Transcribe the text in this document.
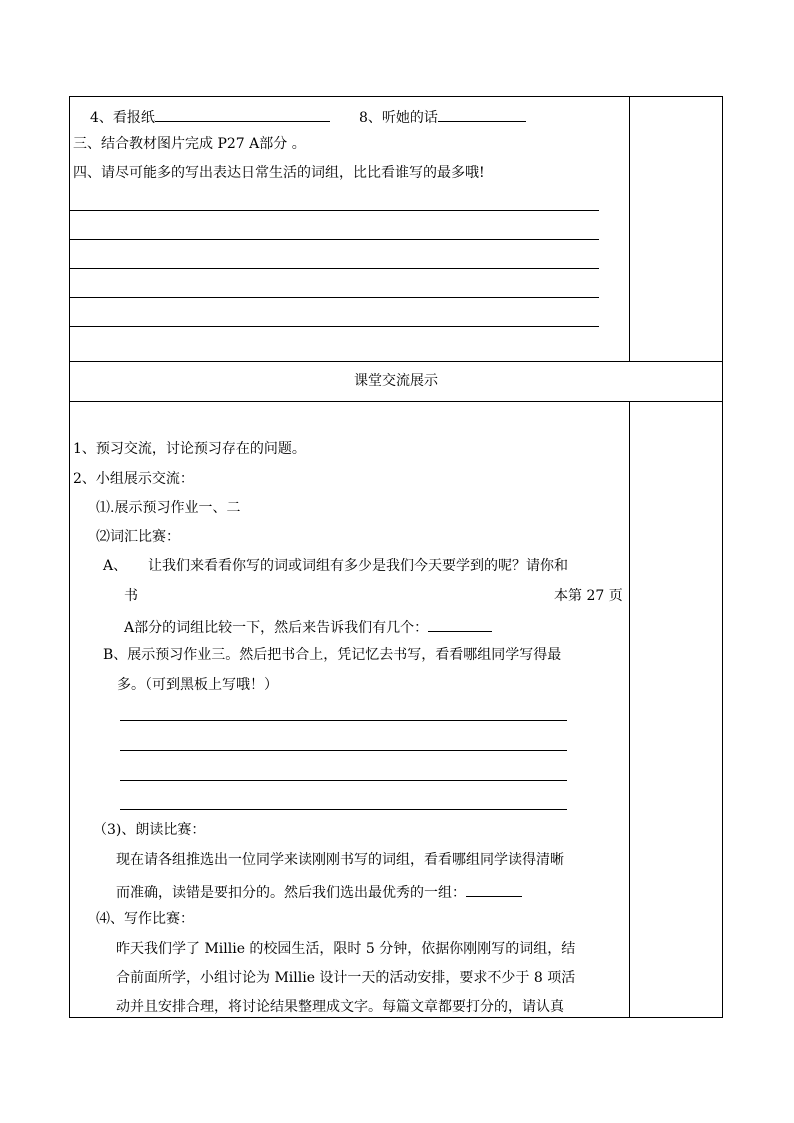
4、看报纸	8、听她的话
三、结合教材图片完成 P27 A部分 。
四、请尽可能多的写出表达日常生活的词组，比比看谁写的最多哦!
课堂交流展示
1、预习交流，讨论预习存在的问题。
2、小组展示交流：
⑴.展示预习作业一、二
⑵词汇比赛：
A、 让我们来看看你写的词或词组有多少是我们今天要学到的呢？请你和
书	本第 27 页
A部分的词组比较一下，然后来告诉我们有几个：
B、展示预习作业三。然后把书合上，凭记忆去书写，看看哪组同学写得最
多。（可到黑板上写哦！）
（3)、朗读比赛：
现在请各组推选出一位同学来读刚刚书写的词组，看看哪组同学读得清晰
而准确，读错是要扣分的。然后我们选出最优秀的一组：
⑷、写作比赛：
昨天我们学了 Millie 的校园生活，限时 5 分钟，依据你刚刚写的词组，结
合前面所学，小组讨论为 Millie 设计一天的活动安排，要求不少于 8 项活
动并且安排合理，将讨论结果整理成文字。每篇文章都要打分的，请认真
